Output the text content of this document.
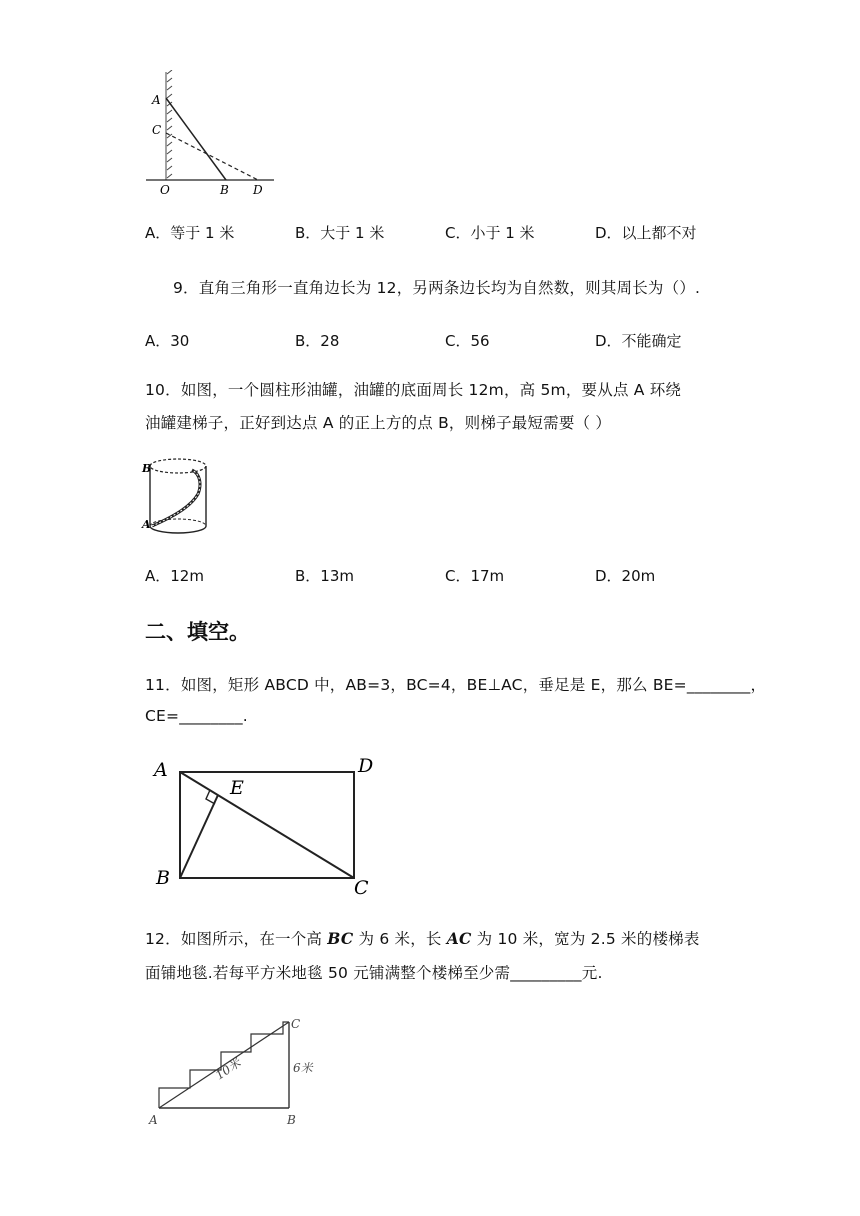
A
C
O	B D
A．等于 1 米	B．大于 1 米	C．小于 1 米	D．以上都不对
9．直角三角形一直角边长为 12，另两条边长均为自然数，则其周长为（）.
A．30	B．28	C．56	D．不能确定
10．如图，一个圆柱形油罐，油罐的底面周长 12m，高 5m，要从点 A 环绕
油罐建梯子，正好到达点 A 的正上方的点 B，则梯子最短需要（ ）
B
A
A．12m	B．13m	C．17m	D．20m
二、填空。
11．如图，矩形 ABCD 中，AB=3，BC=4，BE⊥AC，垂足是 E，那么 BE=________，
CE=________.
A	D
E
B	C
12．如图所示，在一个高 BC 为 6 米，长 AC 为 10 米，宽为 2.5 米的楼梯表
面铺地毯.若每平方米地毯 50 元铺满整个楼梯至少需_________元.
A	B
C
10米	6米
